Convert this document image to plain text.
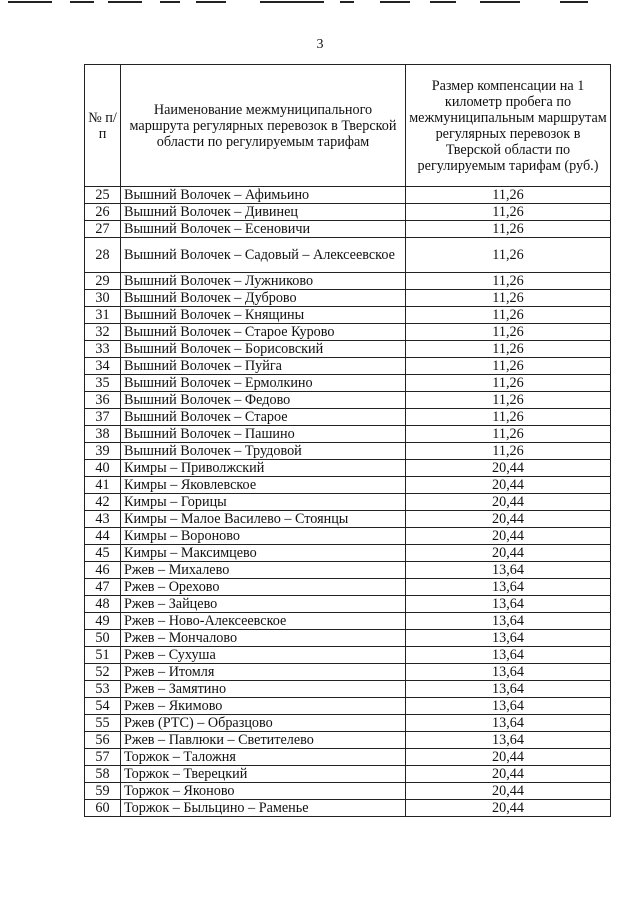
3
№ п/п	Наименование межмуниципального маршрута регулярных перевозок в Тверской области по регулируемым тарифам	Размер компенсации на 1 километр пробега по межмуниципальным маршрутам регулярных перевозок в Тверской области по регулируемым тарифам (руб.)
25	Вышний Волочек – Афимьино	11,26
26	Вышний Волочек – Дивинец	11,26
27	Вышний Волочек – Есеновичи	11,26
28	Вышний Волочек – Садовый – Алексеевское	11,26
29	Вышний Волочек – Лужниково	11,26
30	Вышний Волочек – Дуброво	11,26
31	Вышний Волочек – Княщины	11,26
32	Вышний Волочек – Старое Курово	11,26
33	Вышний Волочек – Борисовский	11,26
34	Вышний Волочек – Пуйга	11,26
35	Вышний Волочек – Ермолкино	11,26
36	Вышний Волочек – Федово	11,26
37	Вышний Волочек – Старое	11,26
38	Вышний Волочек – Пашино	11,26
39	Вышний Волочек – Трудовой	11,26
40	Кимры – Приволжский	20,44
41	Кимры – Яковлевское	20,44
42	Кимры – Горицы	20,44
43	Кимры – Малое Василево – Стоянцы	20,44
44	Кимры – Вороново	20,44
45	Кимры – Максимцево	20,44
46	Ржев – Михалево	13,64
47	Ржев – Орехово	13,64
48	Ржев – Зайцево	13,64
49	Ржев – Ново-Алексеевское	13,64
50	Ржев – Мончалово	13,64
51	Ржев – Сухуша	13,64
52	Ржев – Итомля	13,64
53	Ржев – Замятино	13,64
54	Ржев – Якимово	13,64
55	Ржев (РТС) – Образцово	13,64
56	Ржев – Павлюки – Светителево	13,64
57	Торжок – Таложня	20,44
58	Торжок – Тверецкий	20,44
59	Торжок – Яконово	20,44
60	Торжок – Быльцино – Раменье	20,44
